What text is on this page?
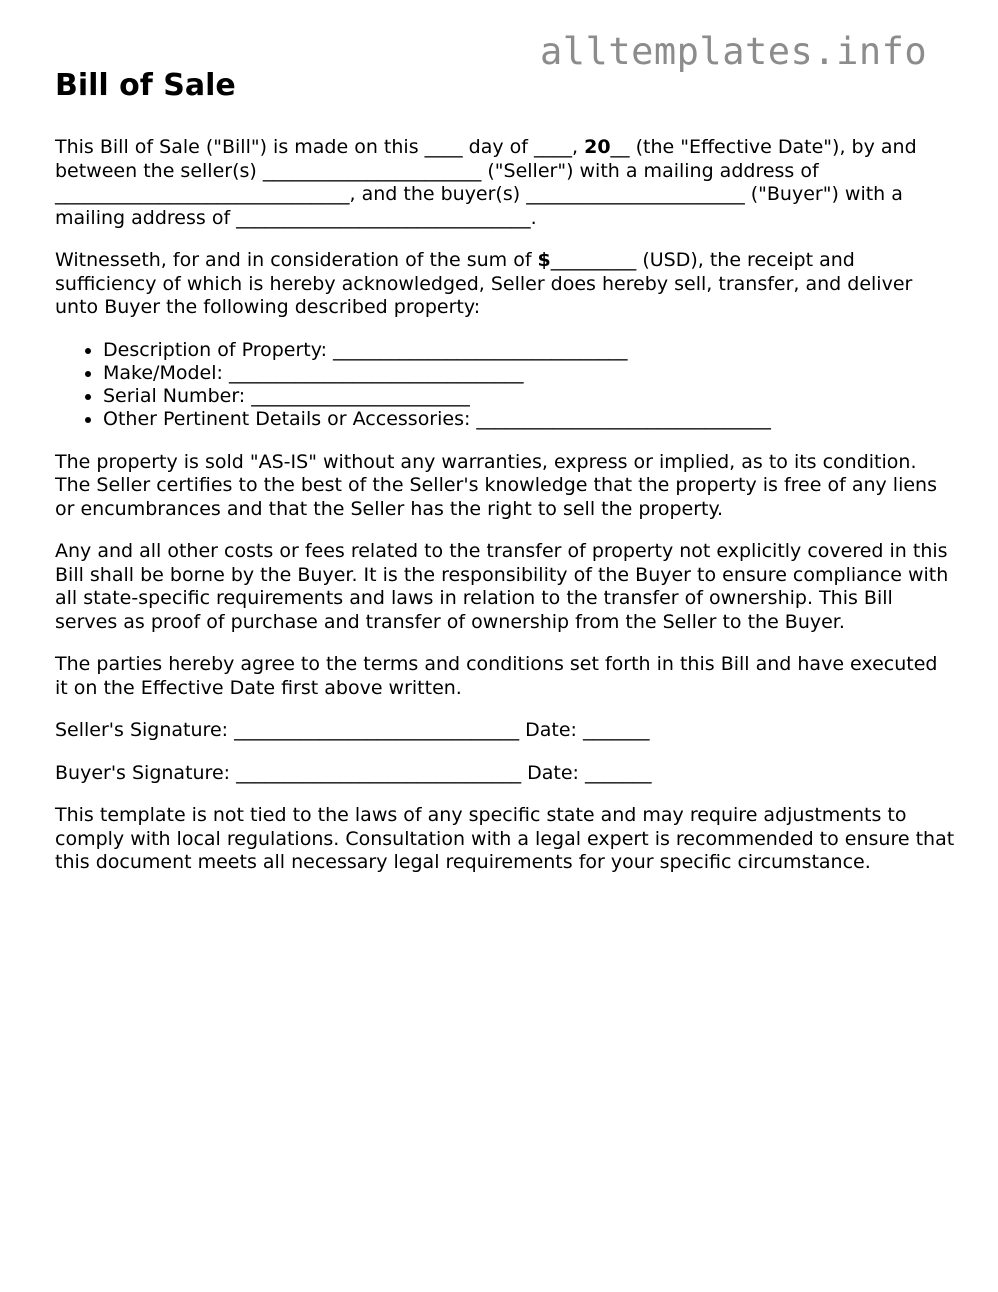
alltemplates.info
Bill of Sale

This Bill of Sale ("Bill") is made on this ____ day of ____, 20__ (the "Effective Date"), by and between the seller(s) _______________________ ("Seller") with a mailing address of _______________________________, and the buyer(s) _______________________ ("Buyer") with a mailing address of _______________________________.

Witnesseth, for and in consideration of the sum of $_________ (USD), the receipt and sufficiency of which is hereby acknowledged, Seller does hereby sell, transfer, and deliver unto Buyer the following described property:

• Description of Property: _______________________________
• Make/Model: _______________________________
• Serial Number: _______________________
• Other Pertinent Details or Accessories: _______________________________

The property is sold "AS-IS" without any warranties, express or implied, as to its condition. The Seller certifies to the best of the Seller's knowledge that the property is free of any liens or encumbrances and that the Seller has the right to sell the property.

Any and all other costs or fees related to the transfer of property not explicitly covered in this Bill shall be borne by the Buyer. It is the responsibility of the Buyer to ensure compliance with all state-specific requirements and laws in relation to the transfer of ownership. This Bill serves as proof of purchase and transfer of ownership from the Seller to the Buyer.

The parties hereby agree to the terms and conditions set forth in this Bill and have executed it on the Effective Date first above written.

Seller's Signature: ______________________________ Date: _______

Buyer's Signature: ______________________________ Date: _______

This template is not tied to the laws of any specific state and may require adjustments to comply with local regulations. Consultation with a legal expert is recommended to ensure that this document meets all necessary legal requirements for your specific circumstance.
